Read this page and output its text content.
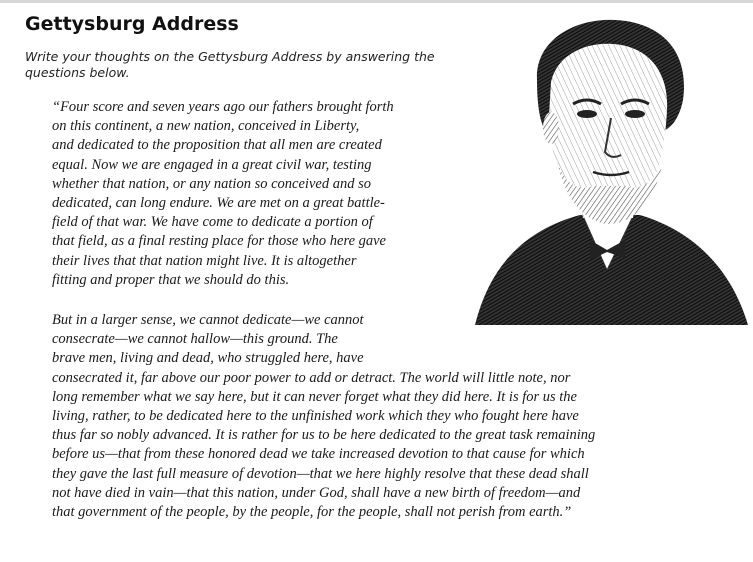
Gettysburg Address

Write your thoughts on the Gettysburg Address by answering the
questions below.

“Four score and seven years ago our fathers brought forth
on this continent, a new nation, conceived in Liberty,
and dedicated to the proposition that all men are created
equal. Now we are engaged in a great civil war, testing
whether that nation, or any nation so conceived and so
dedicated, can long endure. We are met on a great battle-
field of that war. We have come to dedicate a portion of
that field, as a final resting place for those who here gave
their lives that that nation might live. It is altogether
fitting and proper that we should do this.
But in a larger sense, we cannot dedicate—we cannot
consecrate—we cannot hallow—this ground. The
brave men, living and dead, who struggled here, have
consecrated it, far above our poor power to add or detract. The world will little note, nor
long remember what we say here, but it can never forget what they did here. It is for us the
living, rather, to be dedicated here to the unfinished work which they who fought here have
thus far so nobly advanced. It is rather for us to be here dedicated to the great task remaining
before us—that from these honored dead we take increased devotion to that cause for which
they gave the last full measure of devotion—that we here highly resolve that these dead shall
not have died in vain—that this nation, under God, shall have a new birth of freedom—and
that government of the people, by the people, for the people, shall not perish from earth.”
